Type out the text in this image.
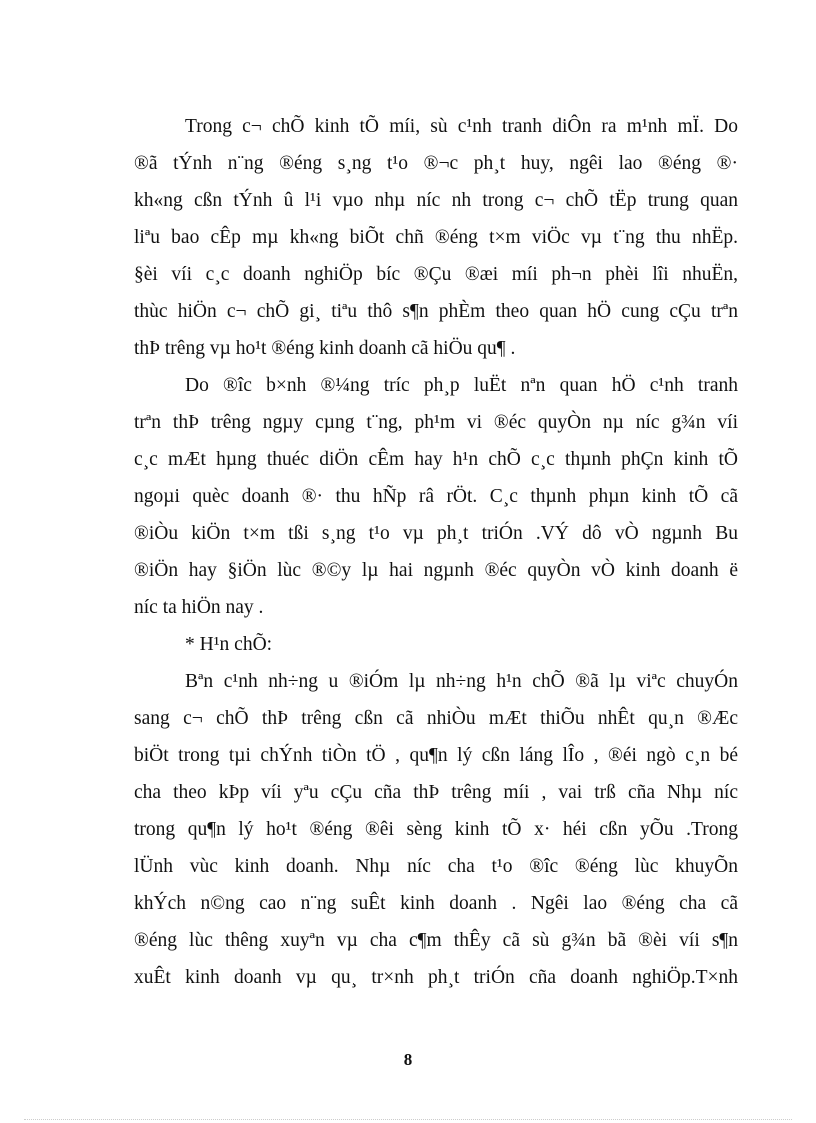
Trong c¬ chÕ kinh tÕ míi, sù c¹nh tranh diÔn ra m¹nh mÏ. Do
®ã tÝnh n¨ng ®éng s¸ng t¹o ®¬c ph¸t huy, ngêi lao ®éng ®·
kh«ng cßn tÝnh û l¹i vµo nhµ níc nh trong c¬ chÕ tËp trung quan
liªu bao cÊp mµ kh«ng biÕt chñ ®éng t×m viÖc vµ t¨ng thu nhËp.
§èi víi c¸c doanh nghiÖp bíc ®Çu ®æi míi ph¬n phèi lîi nhuËn,
thùc hiÖn c¬ chÕ gi¸ tiªu thô s¶n phÈm theo quan hÖ cung cÇu trªn
thÞ trêng vµ ho¹t ®éng kinh doanh cã hiÖu qu¶ .
Do ®îc b×nh ®¼ng tríc ph¸p luËt nªn quan hÖ c¹nh tranh
trªn thÞ trêng ngµy cµng t¨ng, ph¹m vi ®éc quyÒn nµ níc g¾n víi
c¸c mÆt hµng thuéc diÖn cÊm hay h¹n chÕ c¸c thµnh phÇn kinh tÕ
ngoµi quèc doanh ®· thu hÑp râ rÖt. C¸c thµnh phµn kinh tÕ cã
®iÒu kiÖn t×m tßi s¸ng t¹o vµ ph¸t triÓn .VÝ dô vÒ ngµnh Bu
®iÖn hay §iÖn lùc ®©y lµ hai ngµnh ®éc quyÒn vÒ kinh doanh ë
níc ta hiÖn nay .
* H¹n chÕ:
Bªn c¹nh nh÷ng u ®iÓm lµ nh÷ng h¹n chÕ ®ã lµ viªc chuyÓn
sang c¬ chÕ thÞ trêng cßn cã nhiÒu mÆt thiÕu nhÊt qu¸n ®Æc
biÖt trong tµi chÝnh tiÒn tÖ , qu¶n lý cßn láng lÎo , ®éi ngò c¸n bé
cha theo kÞp víi yªu cÇu cña thÞ trêng míi , vai trß cña Nhµ níc
trong qu¶n lý ho¹t ®éng ®êi sèng kinh tÕ x· héi cßn yÕu .Trong
lÜnh vùc kinh doanh. Nhµ níc cha t¹o ®îc ®éng lùc khuyÕn
khÝch n©ng cao n¨ng suÊt kinh doanh . Ngêi lao ®éng cha cã
®éng lùc thêng xuyªn vµ cha c¶m thÊy cã sù g¾n bã ®èi víi s¶n
xuÊt kinh doanh vµ qu¸ tr×nh ph¸t triÓn cña doanh nghiÖp.T×nh
8
